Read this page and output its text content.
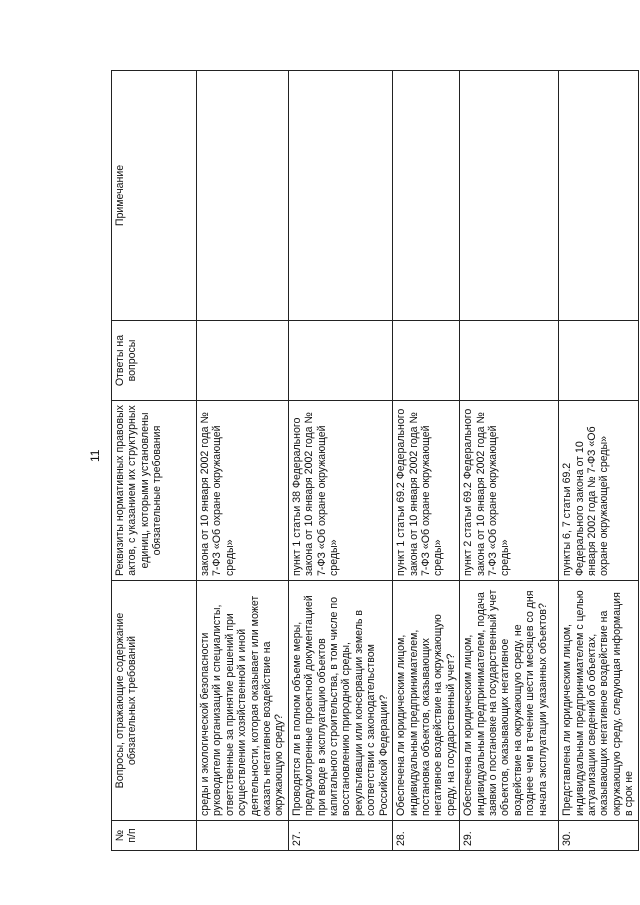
11
№ п/п	Вопросы, отражающие содержание обязательных требований	Реквизиты нормативных правовых актов, с указанием их структурных единиц, которыми установлены обязательные требования	Ответы на вопросы	Примечание
	среды и экологической безопасности руководители организаций и специалисты, ответственные за принятие решений при осуществлении хозяйственной и иной деятельности, которая оказывает или может оказать негативное воздействие на окружающую среду?	закона от 10 января 2002 года № 7-ФЗ «Об охране окружающей среды»		
27.	Проводятся ли в полном объеме меры, предусмотренные проектной документацией при вводе в эксплуатацию объектов капитального строительства, в том числе по восстановлению природной среды, рекультивации или консервации земель в соответствии с законодательством Российской Федерации?	пункт 1 статьи 38 Федерального закона от 10 января 2002 года № 7-ФЗ «Об охране окружающей среды»		
28.	Обеспечена ли юридическим лицом, индивидуальным предпринимателем, постановка объектов, оказывающих негативное воздействие на окружающую среду, на государственный учет?	пункт 1 статьи 69.2 Федерального закона от 10 января 2002 года № 7-ФЗ «Об охране окружающей среды»		
29.	Обеспечена ли юридическим лицом, индивидуальным предпринимателем, подача заявки о постановке на государственный учет объектов, оказывающих негативное воздействие на окружающую среду, не позднее чем в течение шести месяцев со дня начала эксплуатации указанных объектов?	пункт 2 статьи 69.2 Федерального закона от 10 января 2002 года № 7-ФЗ «Об охране окружающей среды»		
30.	Представлена ли юридическим лицом, индивидуальным предпринимателем с целью актуализации сведений об объектах, оказывающих негативное воздействие на окружающую среду, следующая информация в срок не	пункты 6, 7 статьи 69.2 Федерального закона от 10 января 2002 года № 7-ФЗ «Об охране окружающей среды»		
